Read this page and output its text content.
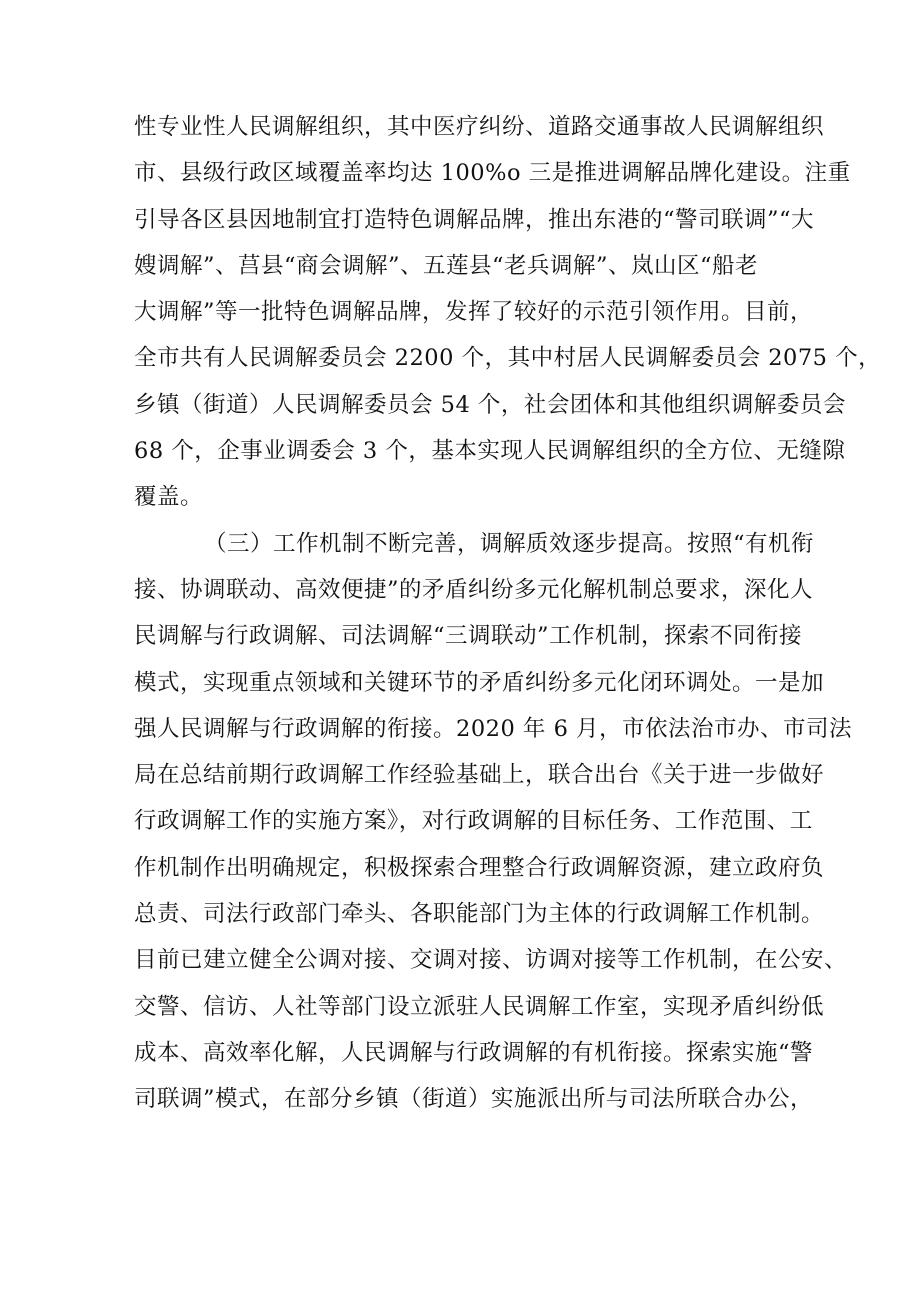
性专业性人民调解组织，其中医疗纠纷、道路交通事故人民调解组织
市、县级行政区域覆盖率均达 100%o 三是推进调解品牌化建设。注重
引导各区县因地制宜打造特色调解品牌，推出东港的“警司联调”“大
嫂调解”、莒县“商会调解”、五莲县“老兵调解”、岚山区“船老
大调解”等一批特色调解品牌，发挥了较好的示范引领作用。目前，
全市共有人民调解委员会 2200 个，其中村居人民调解委员会 2075 个，
乡镇（街道）人民调解委员会 54 个，社会团体和其他组织调解委员会
68 个，企事业调委会 3 个，基本实现人民调解组织的全方位、无缝隙
覆盖。
（三）工作机制不断完善，调解质效逐步提高。按照“有机衔
接、协调联动、高效便捷”的矛盾纠纷多元化解机制总要求，深化人
民调解与行政调解、司法调解“三调联动”工作机制，探索不同衔接
模式，实现重点领域和关键环节的矛盾纠纷多元化闭环调处。一是加
强人民调解与行政调解的衔接。2020 年 6 月，市依法治市办、市司法
局在总结前期行政调解工作经验基础上，联合出台《关于进一步做好
行政调解工作的实施方案》，对行政调解的目标任务、工作范围、工
作机制作出明确规定，积极探索合理整合行政调解资源，建立政府负
总责、司法行政部门牵头、各职能部门为主体的行政调解工作机制。
目前已建立健全公调对接、交调对接、访调对接等工作机制，在公安、
交警、信访、人社等部门设立派驻人民调解工作室，实现矛盾纠纷低
成本、高效率化解，人民调解与行政调解的有机衔接。探索实施“警
司联调”模式，在部分乡镇（街道）实施派出所与司法所联合办公，
